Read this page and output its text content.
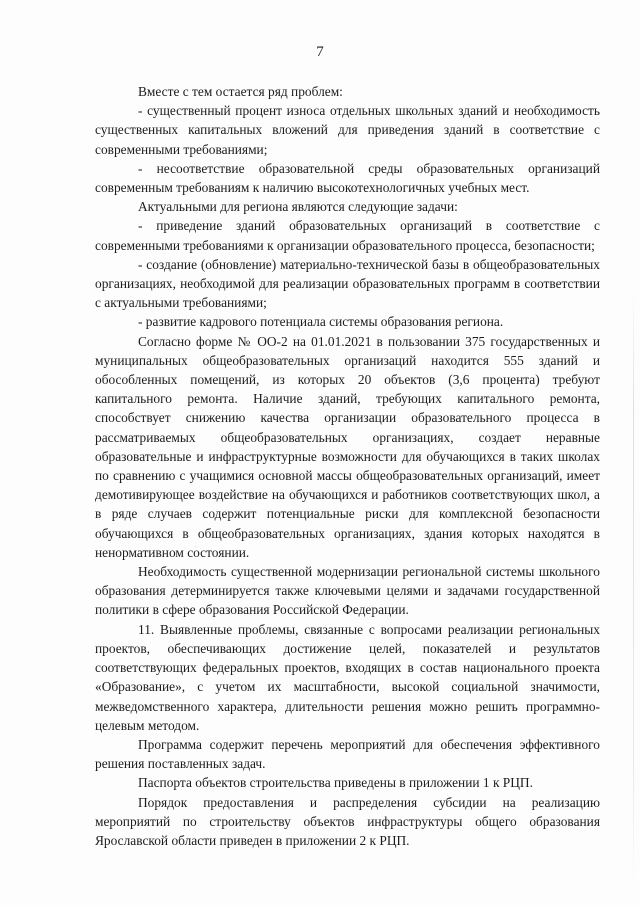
7

Вместе с тем остается ряд проблем:

- существенный процент износа отдельных школьных зданий и необходимость существенных капитальных вложений для приведения зданий в соответствие с современными требованиями;

- несоответствие образовательной среды образовательных организаций современным требованиям к наличию высокотехнологичных учебных мест.

Актуальными для региона являются следующие задачи:

- приведение зданий образовательных организаций в соответствие с современными требованиями к организации образовательного процесса, безопасности;

- создание (обновление) материально-технической базы в общеобразовательных организациях, необходимой для реализации образовательных программ в соответствии с актуальными требованиями;

- развитие кадрового потенциала системы образования региона.

Согласно форме № ОО-2 на 01.01.2021 в пользовании 375 государственных и муниципальных общеобразовательных организаций находится 555 зданий и обособленных помещений, из которых 20 объектов (3,6 процента) требуют капитального ремонта. Наличие зданий, требующих капитального ремонта, способствует снижению качества организации образовательного процесса в рассматриваемых общеобразовательных организациях, создает неравные образовательные и инфраструктурные возможности для обучающихся в таких школах по сравнению с учащимися основной массы общеобразовательных организаций, имеет демотивирующее воздействие на обучающихся и работников соответствующих школ, а в ряде случаев содержит потенциальные риски для комплексной безопасности обучающихся в общеобразовательных организациях, здания которых находятся в ненормативном состоянии.

Необходимость существенной модернизации региональной системы школьного образования детерминируется также ключевыми целями и задачами государственной политики в сфере образования Российской Федерации.

11. Выявленные проблемы, связанные с вопросами реализации региональных проектов, обеспечивающих достижение целей, показателей и результатов соответствующих федеральных проектов, входящих в состав национального проекта «Образование», с учетом их масштабности, высокой социальной значимости, межведомственного характера, длительности решения можно решить программно-целевым методом.

Программа содержит перечень мероприятий для обеспечения эффективного решения поставленных задач.

Паспорта объектов строительства приведены в приложении 1 к РЦП.

Порядок предоставления и распределения субсидии на реализацию мероприятий по строительству объектов инфраструктуры общего образования Ярославской области приведен в приложении 2 к РЦП.
